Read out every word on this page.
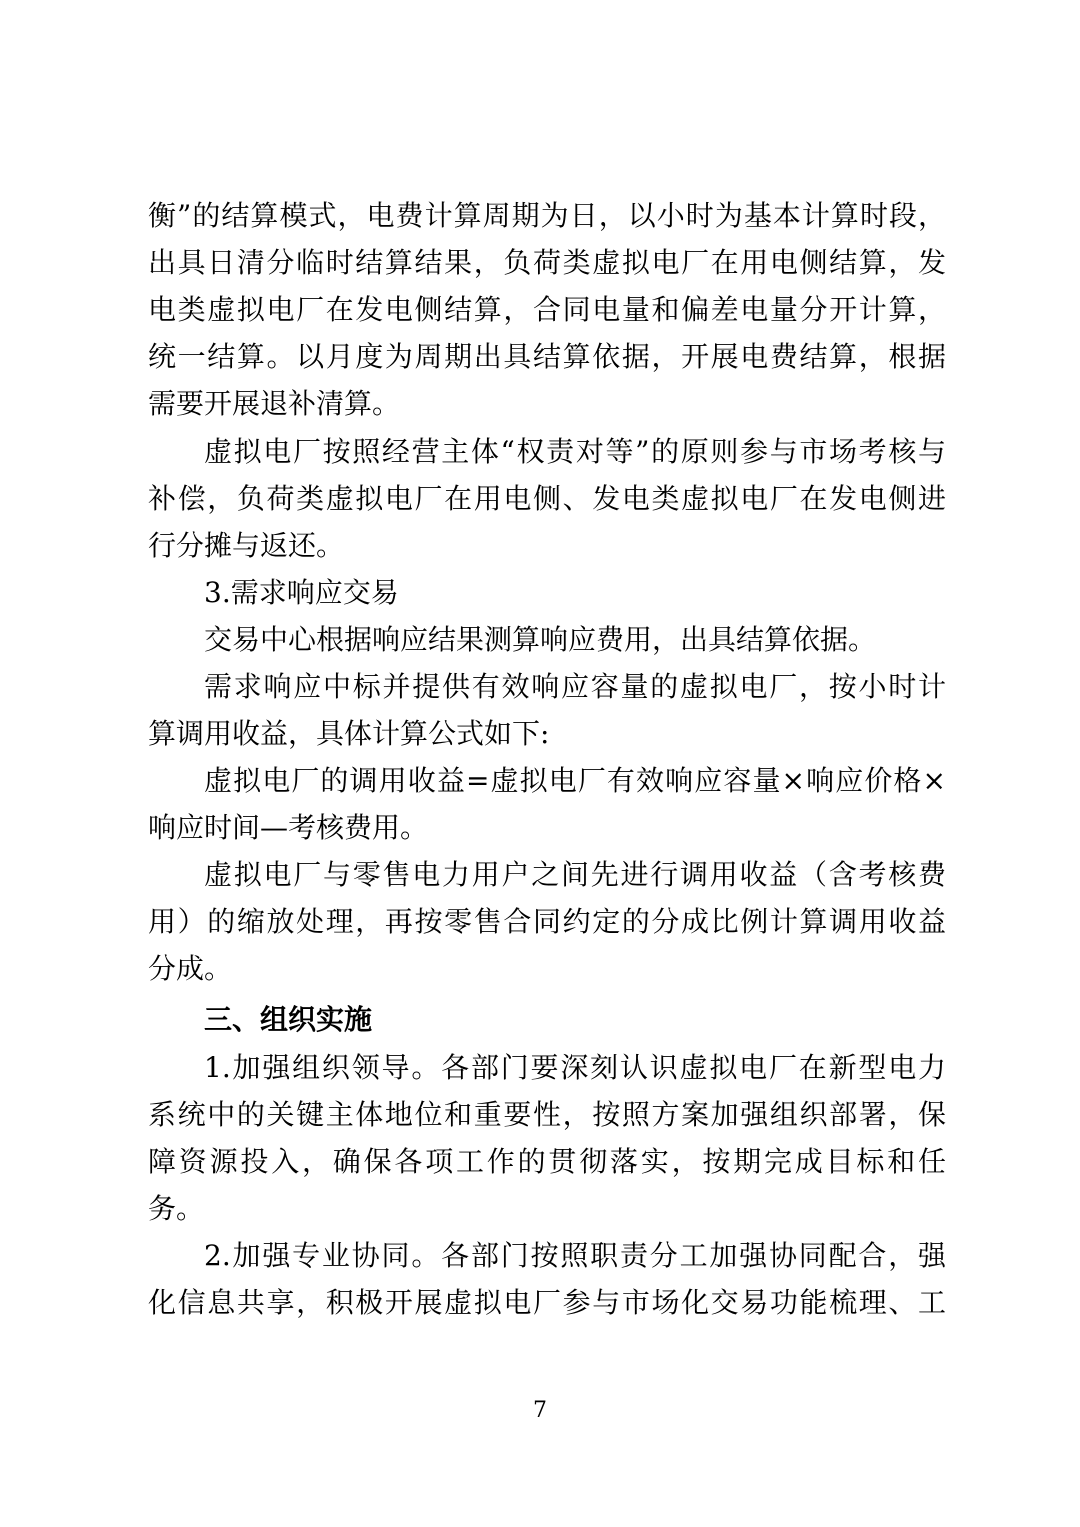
衡”的结算模式，电费计算周期为日，以小时为基本计算时段，
出具日清分临时结算结果，负荷类虚拟电厂在用电侧结算，发
电类虚拟电厂在发电侧结算，合同电量和偏差电量分开计算，
统一结算。以月度为周期出具结算依据，开展电费结算，根据
需要开展退补清算。
虚拟电厂按照经营主体“权责对等”的原则参与市场考核与
补偿，负荷类虚拟电厂在用电侧、发电类虚拟电厂在发电侧进
行分摊与返还。
3.需求响应交易
交易中心根据响应结果测算响应费用，出具结算依据。
需求响应中标并提供有效响应容量的虚拟电厂，按小时计
算调用收益，具体计算公式如下:
虚拟电厂的调用收益=虚拟电厂有效响应容量×响应价格×
响应时间—考核费用。
虚拟电厂与零售电力用户之间先进行调用收益（含考核费
用）的缩放处理，再按零售合同约定的分成比例计算调用收益
分成。
三、组织实施
1.加强组织领导。各部门要深刻认识虚拟电厂在新型电力
系统中的关键主体地位和重要性，按照方案加强组织部署，保
障资源投入，确保各项工作的贯彻落实，按期完成目标和任
务。
2.加强专业协同。各部门按照职责分工加强协同配合，强
化信息共享，积极开展虚拟电厂参与市场化交易功能梳理、工
7
